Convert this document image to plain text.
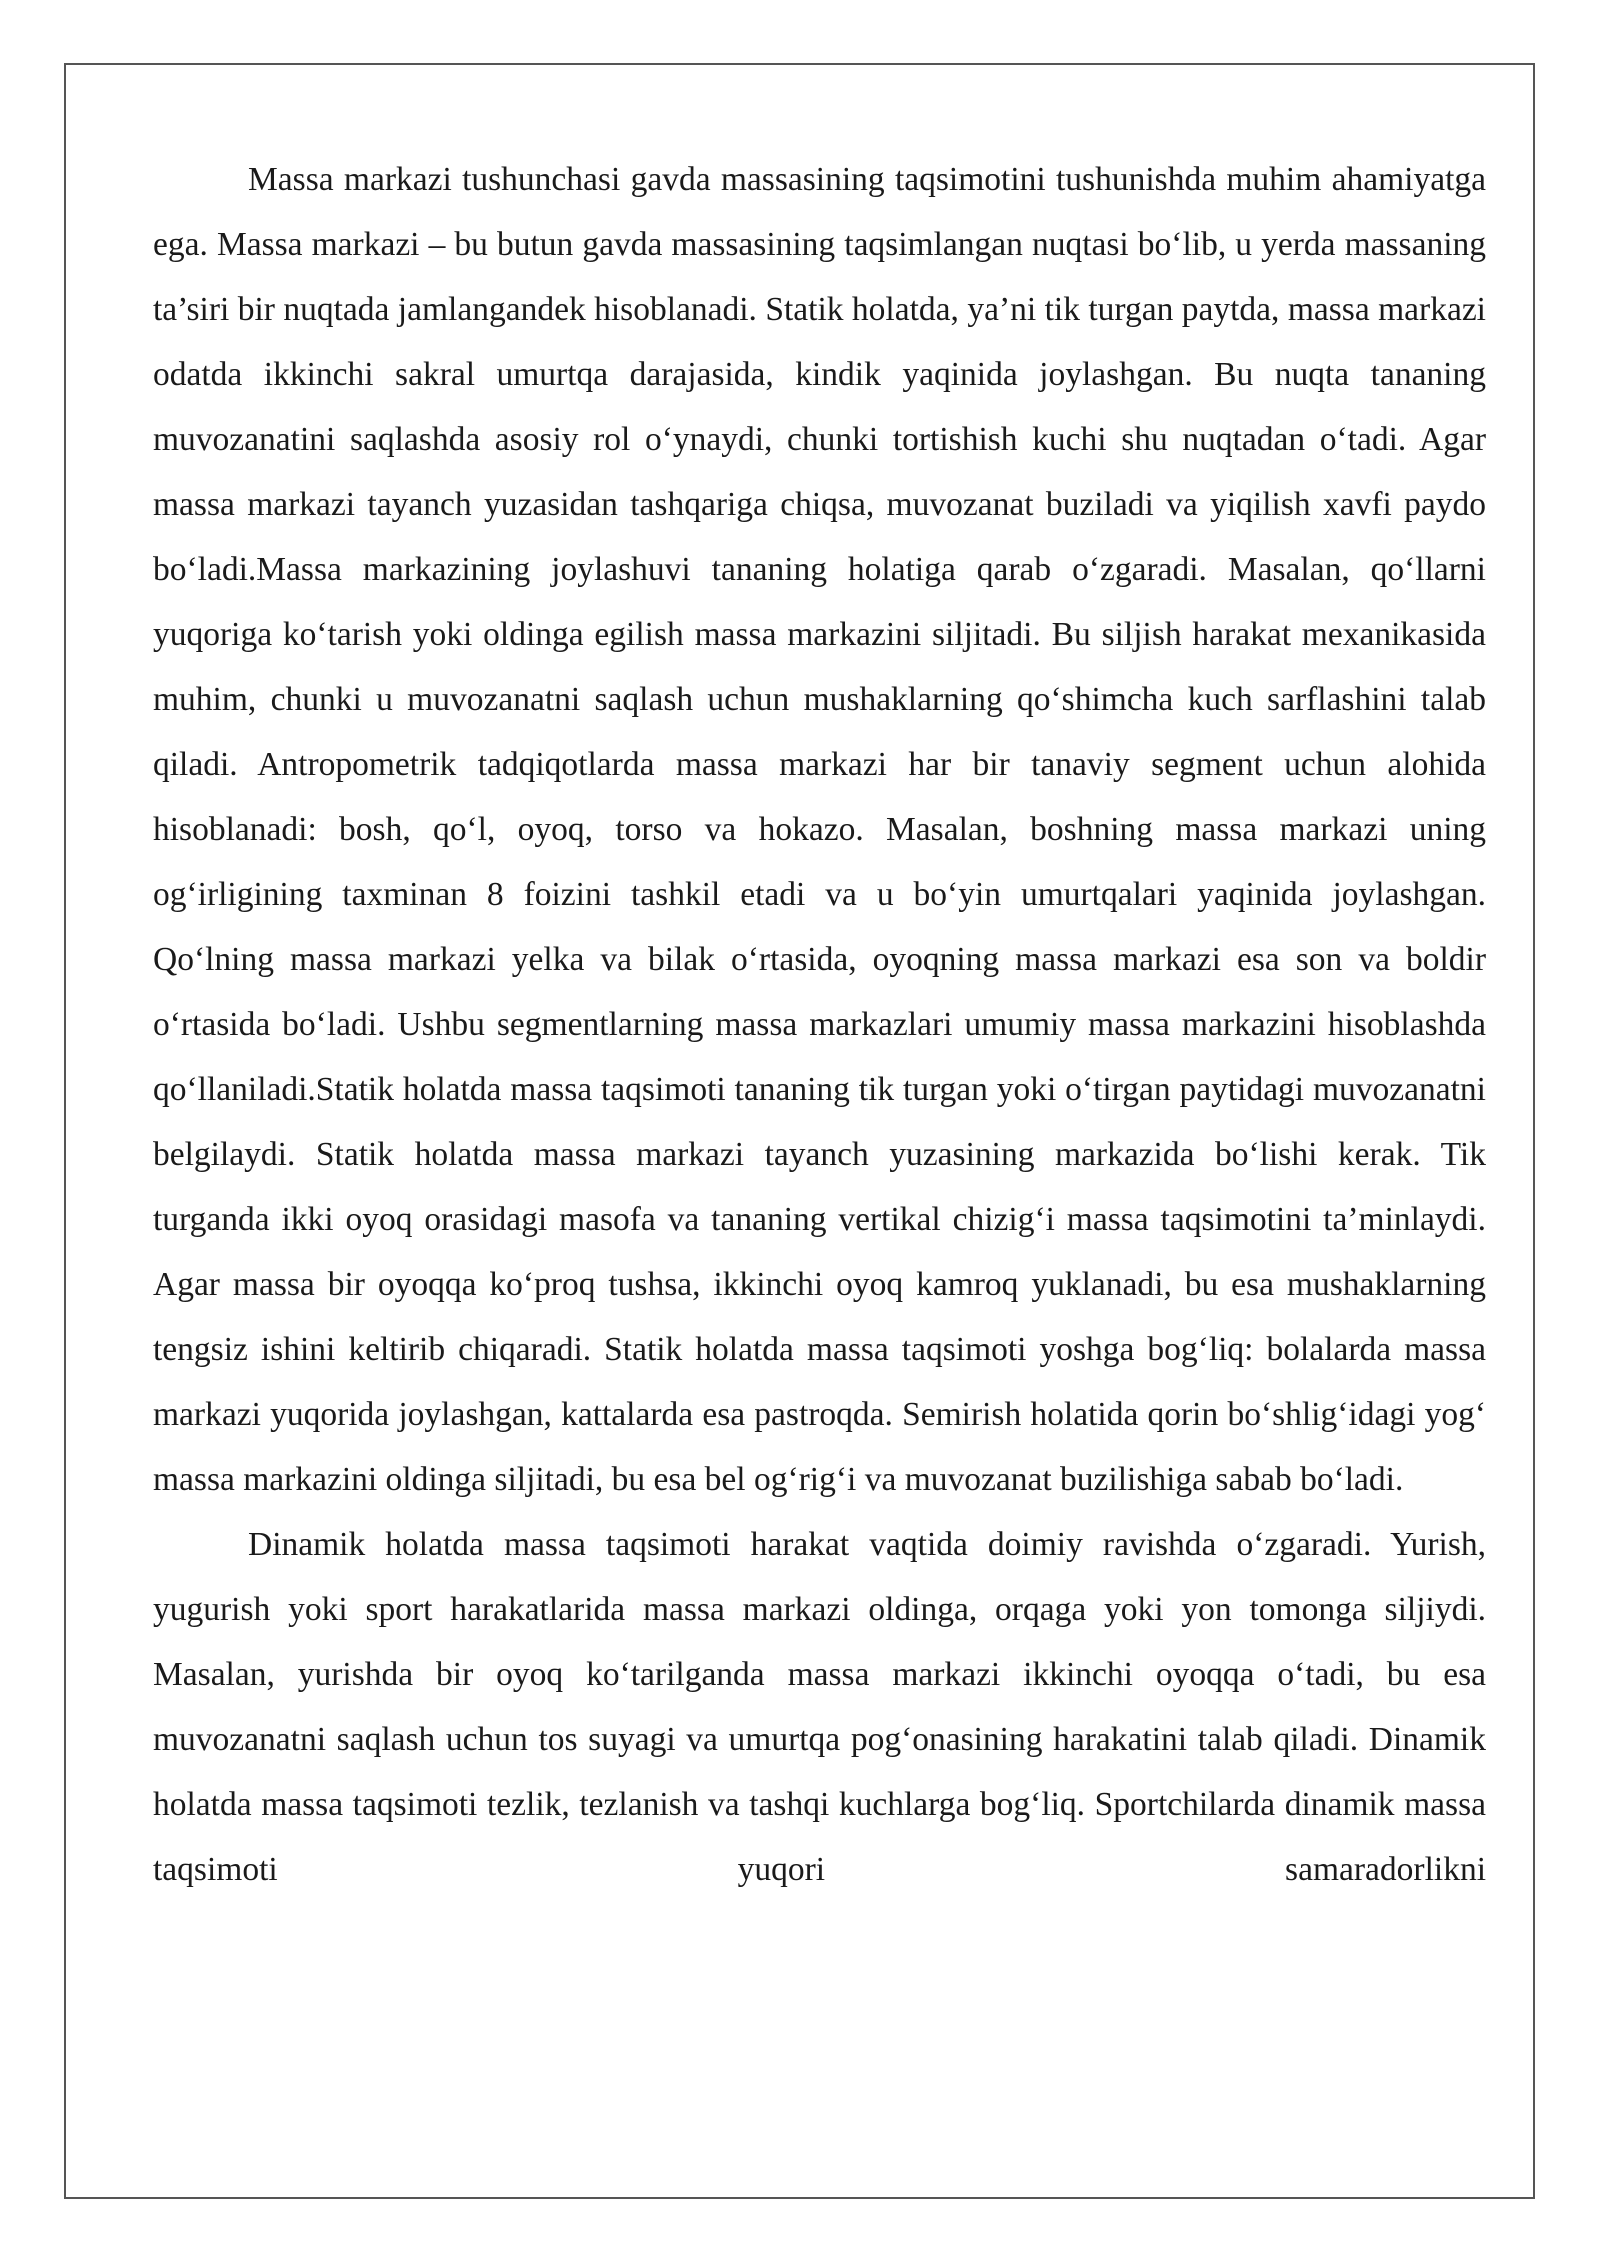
Massa markazi tushunchasi gavda massasining taqsimotini tushunishda muhim ahamiyatga ega. Massa markazi – bu butun gavda massasining taqsimlangan nuqtasi bo‘lib, u yerda massaning ta’siri bir nuqtada jamlangandek hisoblanadi. Statik holatda, ya’ni tik turgan paytda, massa markazi odatda ikkinchi sakral umurtqa darajasida, kindik yaqinida joylashgan. Bu nuqta tananing muvozanatini saqlashda asosiy rol o‘ynaydi, chunki tortishish kuchi shu nuqtadan o‘tadi. Agar massa markazi tayanch yuzasidan tashqariga chiqsa, muvozanat buziladi va yiqilish xavfi paydo bo‘ladi.Massa markazining joylashuvi tananing holatiga qarab o‘zgaradi. Masalan, qo‘llarni yuqoriga ko‘tarish yoki oldinga egilish massa markazini siljitadi. Bu siljish harakat mexanikasida muhim, chunki u muvozanatni saqlash uchun mushaklarning qo‘shimcha kuch sarflashini talab qiladi. Antropometrik tadqiqotlarda massa markazi har bir tanaviy segment uchun alohida hisoblanadi: bosh, qo‘l, oyoq, torso va hokazo. Masalan, boshning massa markazi uning og‘irligining taxminan 8 foizini tashkil etadi va u bo‘yin umurtqalari yaqinida joylashgan. Qo‘lning massa markazi yelka va bilak o‘rtasida, oyoqning massa markazi esa son va boldir o‘rtasida bo‘ladi. Ushbu segmentlarning massa markazlari umumiy massa markazini hisoblashda qo‘llaniladi.Statik holatda massa taqsimoti tananing tik turgan yoki o‘tirgan paytidagi muvozanatni belgilaydi. Statik holatda massa markazi tayanch yuzasining markazida bo‘lishi kerak. Tik turganda ikki oyoq orasidagi masofa va tananing vertikal chizig‘i massa taqsimotini ta’minlaydi. Agar massa bir oyoqqa ko‘proq tushsa, ikkinchi oyoq kamroq yuklanadi, bu esa mushaklarning tengsiz ishini keltirib chiqaradi. Statik holatda massa taqsimoti yoshga bog‘liq: bolalarda massa markazi yuqorida joylashgan, kattalarda esa pastroqda. Semirish holatida qorin bo‘shlig‘idagi yog‘ massa markazini oldinga siljitadi, bu esa bel og‘rig‘i va muvozanat buzilishiga sabab bo‘ladi.

Dinamik holatda massa taqsimoti harakat vaqtida doimiy ravishda o‘zgaradi. Yurish, yugurish yoki sport harakatlarida massa markazi oldinga, orqaga yoki yon tomonga siljiydi. Masalan, yurishda bir oyoq ko‘tarilganda massa markazi ikkinchi oyoqqa o‘tadi, bu esa muvozanatni saqlash uchun tos suyagi va umurtqa pog‘onasining harakatini talab qiladi. Dinamik holatda massa taqsimoti tezlik, tezlanish va tashqi kuchlarga bog‘liq. Sportchilarda dinamik massa taqsimoti yuqori samaradorlikni
